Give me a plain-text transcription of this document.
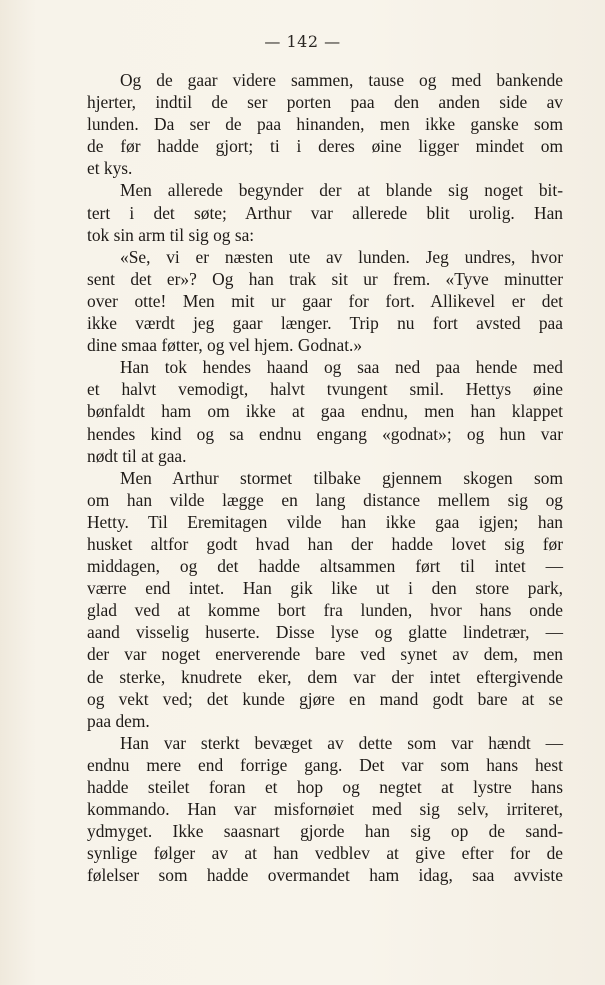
— 142 —
Og de gaar videre sammen, tause og med bankende
hjerter, indtil de ser porten paa den anden side av
lunden. Da ser de paa hinanden, men ikke ganske som
de før hadde gjort; ti i deres øine ligger mindet om
et kys.
Men allerede begynder der at blande sig noget bit-
tert i det søte; Arthur var allerede blit urolig. Han
tok sin arm til sig og sa:
«Se, vi er næsten ute av lunden. Jeg undres, hvor
sent det er»? Og han trak sit ur frem. «Tyve minutter
over otte! Men mit ur gaar for fort. Allikevel er det
ikke værdt jeg gaar længer. Trip nu fort avsted paa
dine smaa føtter, og vel hjem. Godnat.»
Han tok hendes haand og saa ned paa hende med
et halvt vemodigt, halvt tvungent smil. Hettys øine
bønfaldt ham om ikke at gaa endnu, men han klappet
hendes kind og sa endnu engang «godnat»; og hun var
nødt til at gaa.
Men Arthur stormet tilbake gjennem skogen som
om han vilde lægge en lang distance mellem sig og
Hetty. Til Eremitagen vilde han ikke gaa igjen; han
husket altfor godt hvad han der hadde lovet sig før
middagen, og det hadde altsammen ført til intet —
værre end intet. Han gik like ut i den store park,
glad ved at komme bort fra lunden, hvor hans onde
aand visselig huserte. Disse lyse og glatte lindetrær, —
der var noget enerverende bare ved synet av dem, men
de sterke, knudrete eker, dem var der intet eftergivende
og vekt ved; det kunde gjøre en mand godt bare at se
paa dem.
Han var sterkt bevæget av dette som var hændt —
endnu mere end forrige gang. Det var som hans hest
hadde steilet foran et hop og negtet at lystre hans
kommando. Han var misfornøiet med sig selv, irriteret,
ydmyget. Ikke saasnart gjorde han sig op de sand-
synlige følger av at han vedblev at give efter for de
følelser som hadde overmandet ham idag, saa avviste
